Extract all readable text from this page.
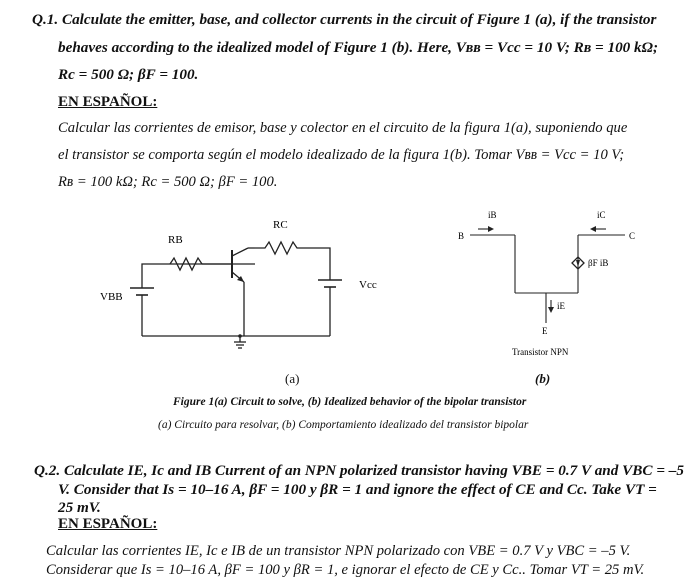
Q.1. Calculate the emitter, base, and collector currents in the circuit of Figure 1 (a), if the transistor
behaves according to the idealized model of Figure 1 (b). Here, Vʙʙ = Vcc = 10 V; Rʙ = 100 kΩ;
Rc = 500 Ω; βF = 100.
EN ESPAÑOL:
Calcular las corrientes de emisor, base y colector en el circuito de la figura 1(a), suponiendo que
el transistor se comporta según el modelo idealizado de la figura 1(b). Tomar Vʙʙ = Vcc = 10 V;
Rʙ = 100 kΩ; Rc = 500 Ω; βF = 100.
RB
RC
VBB
Vcc
iB	iC
B	C
βF iB
iE
E
Transistor NPN
(a)	(b)
Figure 1(a) Circuit to solve, (b) Idealized behavior of the bipolar transistor
(a) Circuito para resolvar, (b) Comportamiento idealizado del transistor bipolar
Q.2. Calculate IE, Ic and IB Current of an NPN polarized transistor having VBE = 0.7 V and VBC = –5
V. Consider that Is = 10–16 A, βF = 100 y βR = 1 and ignore the effect of CE and Cc. Take VT =
25 mV.
EN ESPAÑOL:
Calcular las corrientes IE, Ic e IB de un transistor NPN polarizado con VBE = 0.7 V y VBC = –5 V.
Considerar que Is = 10–16 A, βF = 100 y βR = 1, e ignorar el efecto de CE y Cc.. Tomar VT = 25 mV.
